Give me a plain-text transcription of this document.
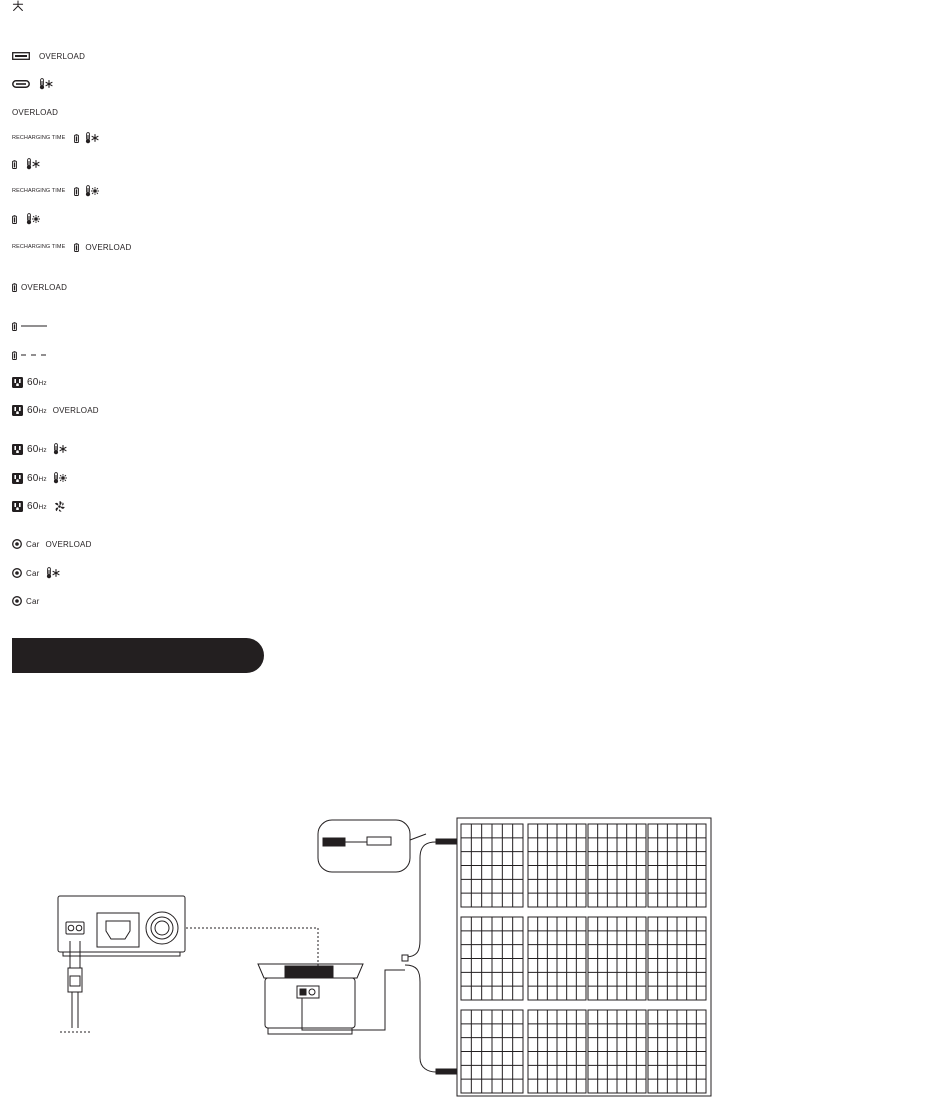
OVERLOAD
OVERLOAD
RECHARGING TIME
RECHARGING TIME
RECHARGING TIME	OVERLOAD
OVERLOAD
60 Hz
60 Hz OVERLOAD
60 Hz
60 Hz
60 Hz
Car OVERLOAD
Car
Car
